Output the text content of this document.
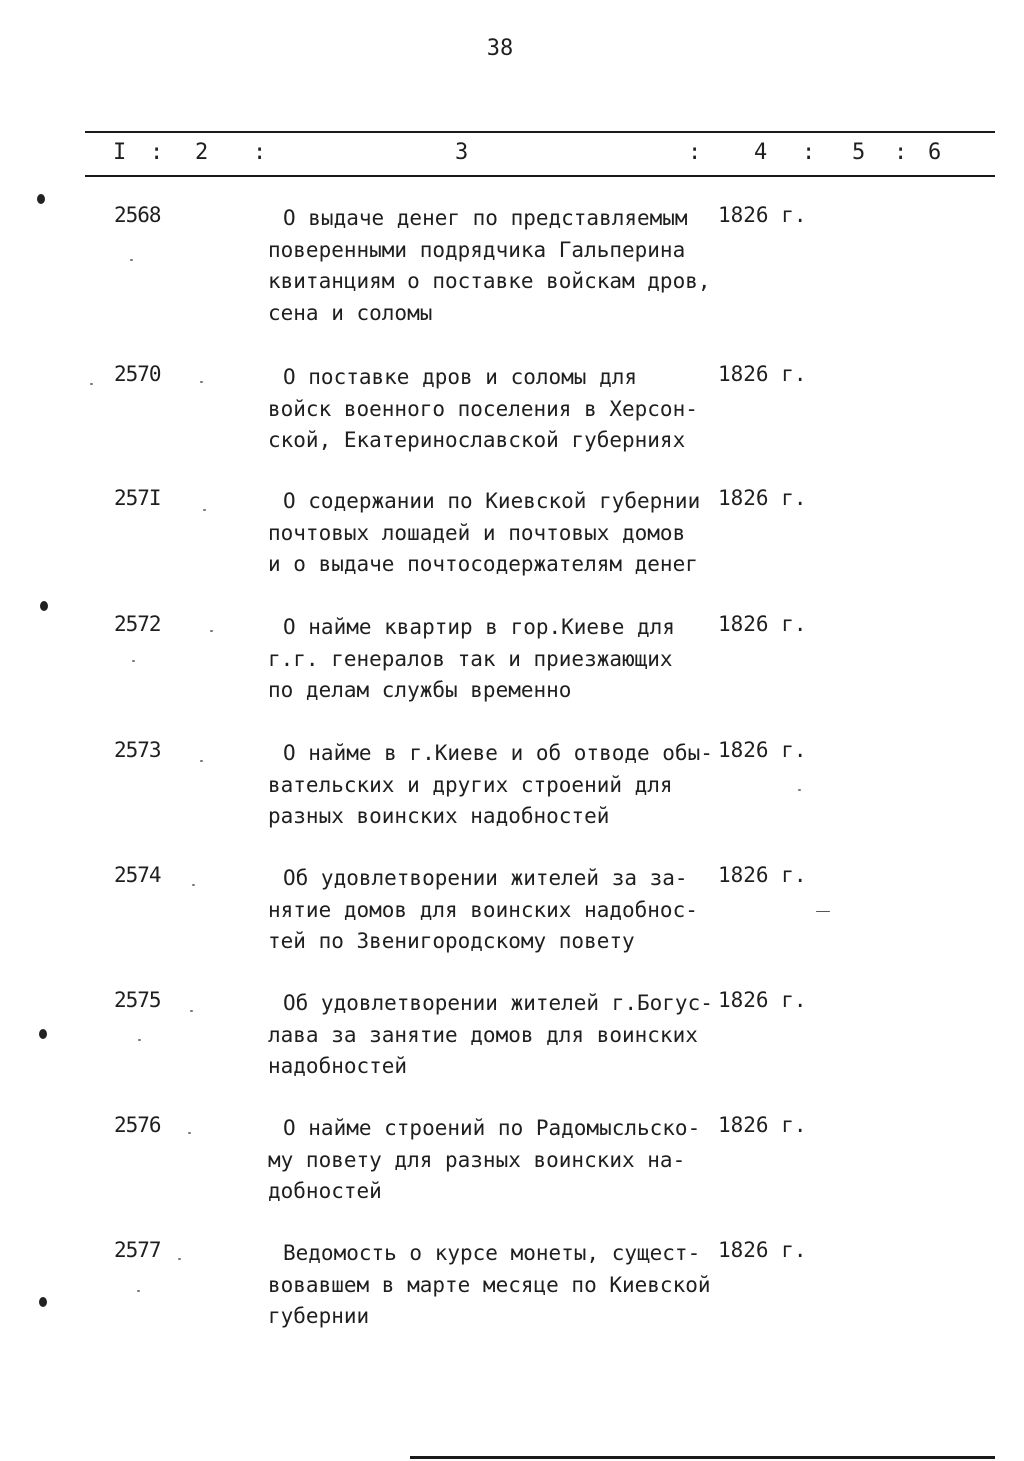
38
I : 2 :	3	: 4 : 5 : 6
2568	О выдаче денег по представляемым
поверенными подрядчика Гальперина
квитанциям о поставке войскам дров,
сена и соломы
1826 г.
2570	О поставке дров и соломы для
войск военного поселения в Херсон-
ской, Екатеринославской губерниях
1826 г.
257I	О содержании по Киевской губернии
почтовых лошадей и почтовых домов
и о выдаче почтосодержателям денег
1826 г.
2572	О найме квартир в гор.Киеве для
г.г. генералов так и приезжающих
по делам службы временно
1826 г.
2573	О найме в г.Киеве и об отводе обы-
вательских и других строений для
разных воинских надобностей
1826 г.
2574	Об удовлетворении жителей за за-
нятие домов для воинских надобнос-
тей по Звенигородскому повету
1826 г.
2575	Об удовлетворении жителей г.Богус-
лава за занятие домов для воинских
надобностей
1826 г.
2576	О найме строений по Радомысльско-
му повету для разных воинских на-
добностей
1826 г.
2577	Ведомость о курсе монеты, сущест-
вовавшем в марте месяце по Киевской
губернии
1826 г.
